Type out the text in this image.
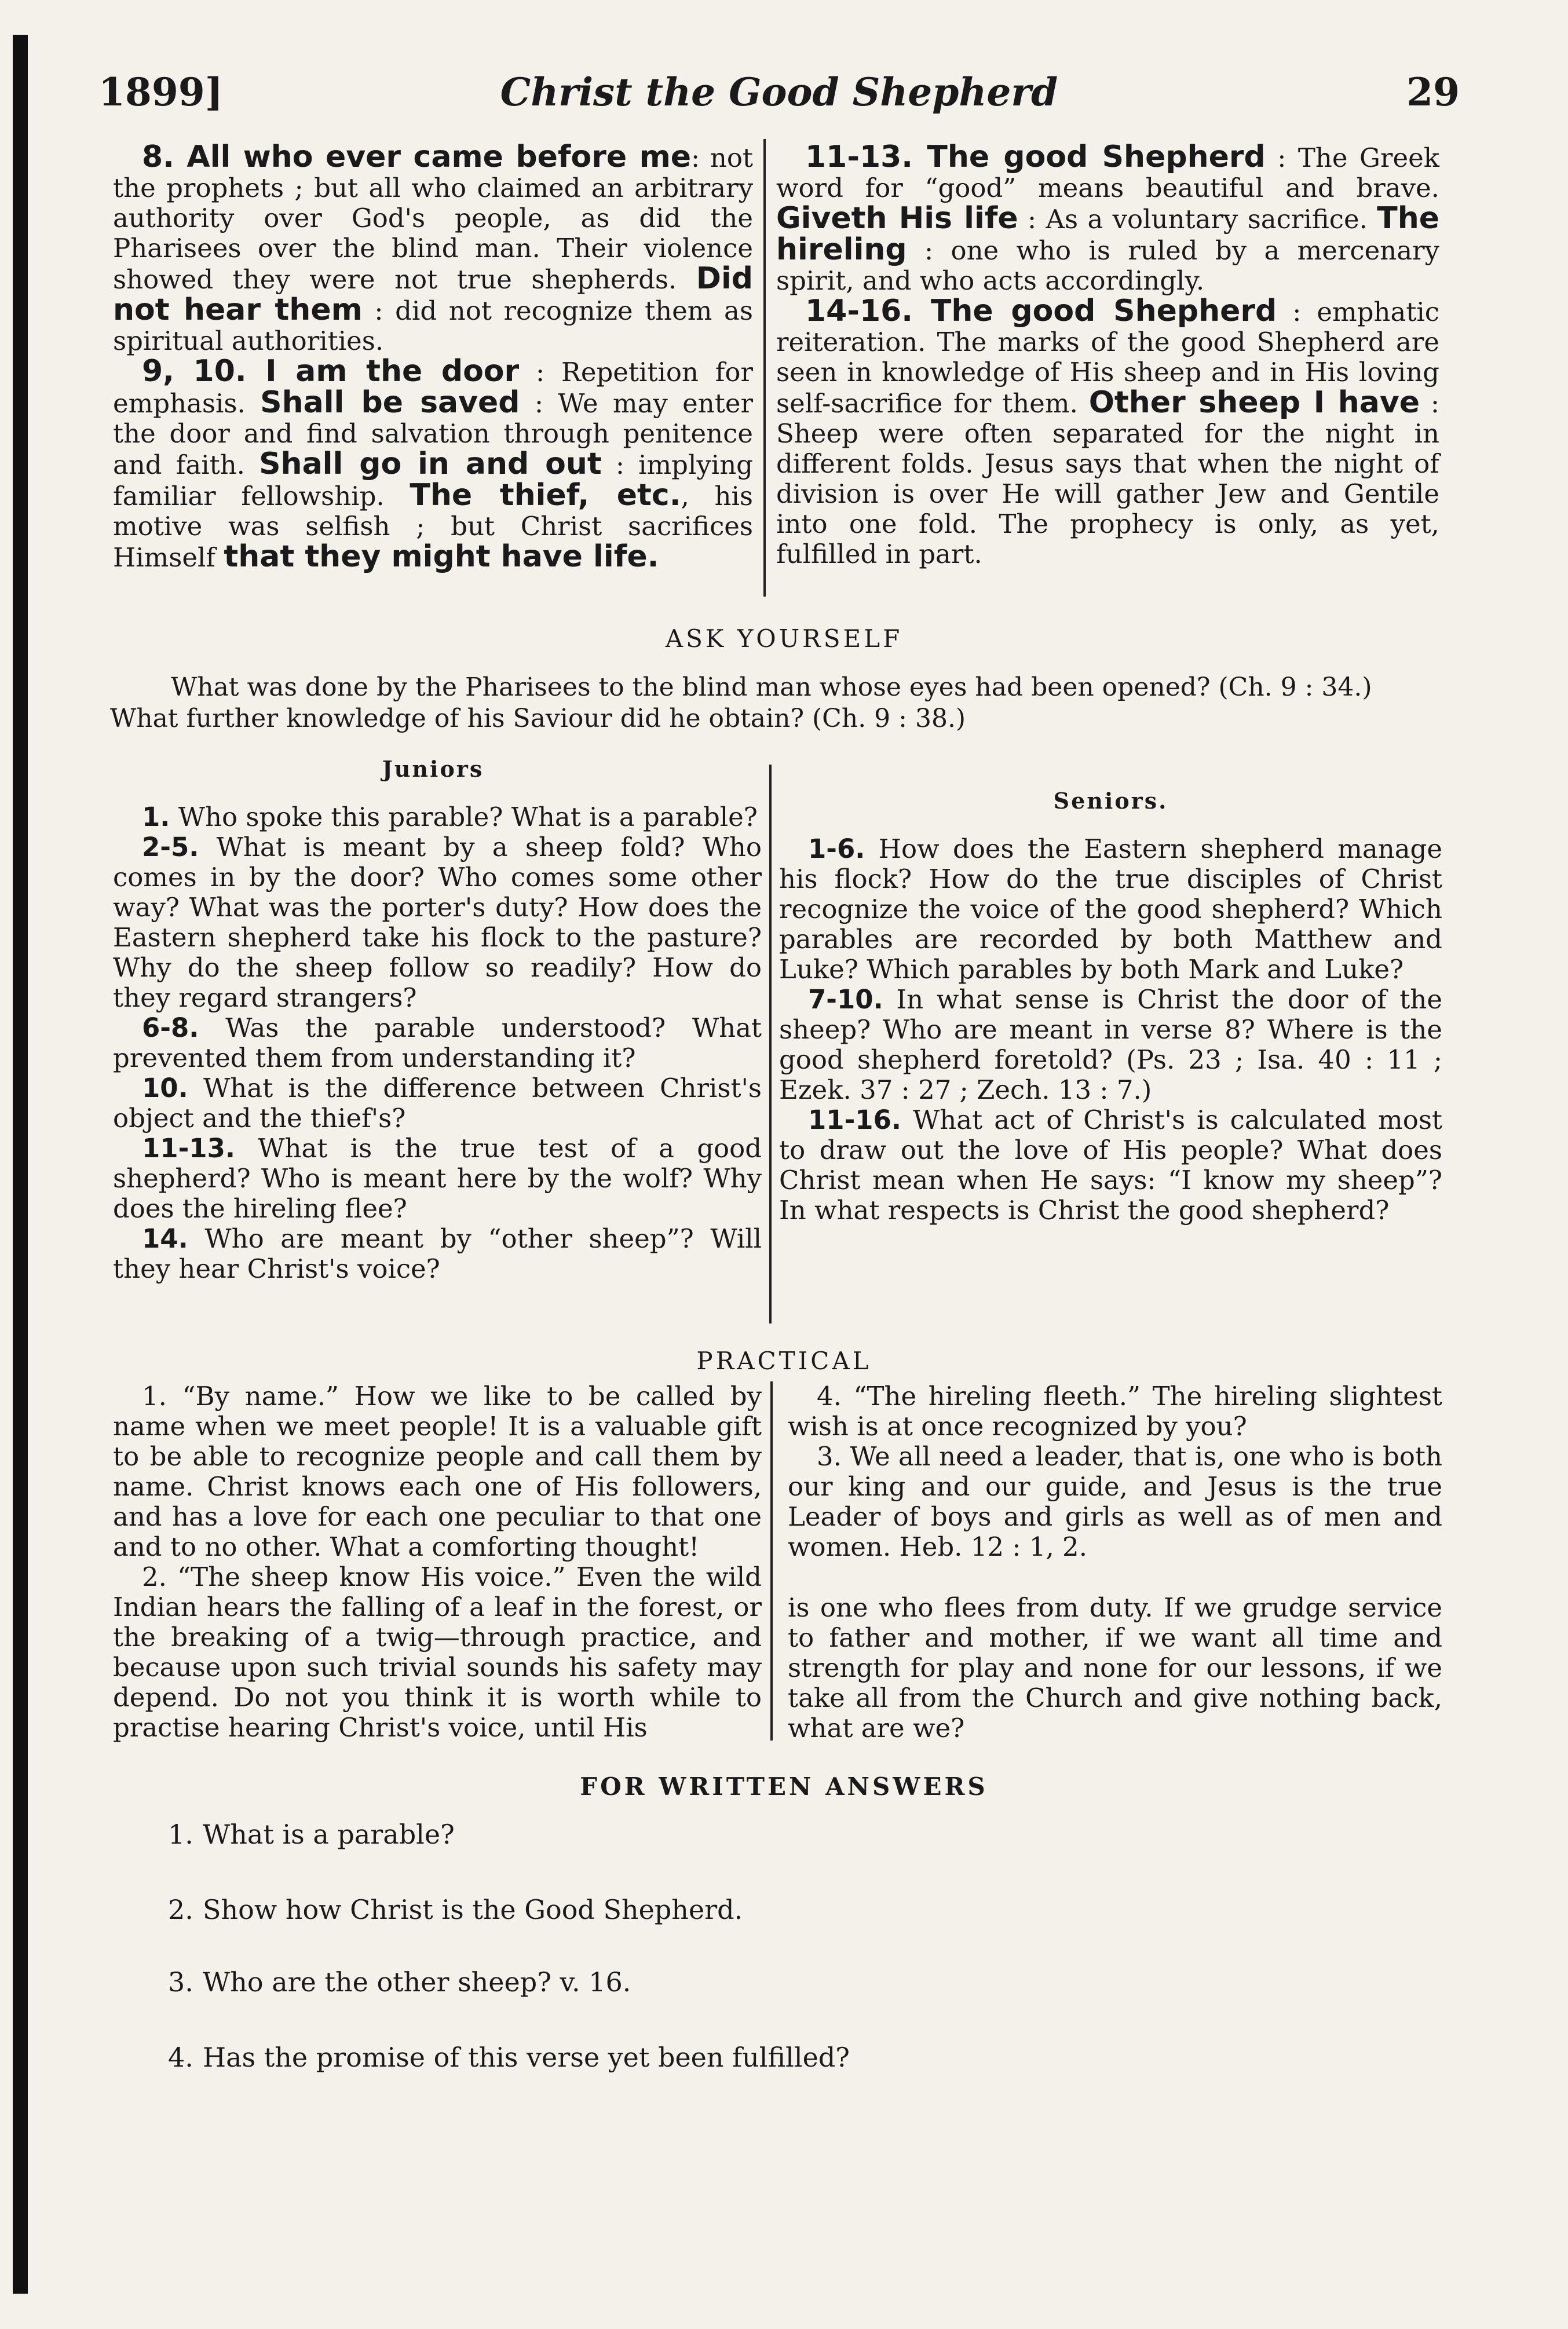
1899]	Christ the Good Shepherd	29

8. All who ever came before me: not the prophets ; but all who claimed an arbitrary authority over God's people, as did the Pharisees over the blind man. Their violence showed they were not true shepherds. Did not hear them : did not recognize them as spiritual authorities.

9, 10. I am the door : Repetition for emphasis. Shall be saved : We may enter the door and find salvation through penitence and faith. Shall go in and out : implying familiar fellowship. The thief, etc., his motive was selfish ; but Christ sacrifices Himself that they might have life.

11-13. The good Shepherd : The Greek word for “good” means beautiful and brave. Giveth His life : As a voluntary sacrifice. The hireling : one who is ruled by a mercenary spirit, and who acts accordingly.

14-16. The good Shepherd : emphatic reiteration. The marks of the good Shepherd are seen in knowledge of His sheep and in His loving self-sacrifice for them. Other sheep I have : Sheep were often separated for the night in different folds. Jesus says that when the night of division is over He will gather Jew and Gentile into one fold. The prophecy is only, as yet, fulfilled in part.

ASK YOURSELF

What was done by the Pharisees to the blind man whose eyes had been opened? (Ch. 9 : 34.)

What further knowledge of his Saviour did he obtain? (Ch. 9 : 38.)

Juniors

1. Who spoke this parable? What is a parable?

2-5. What is meant by a sheep fold? Who comes in by the door? Who comes some other way? What was the porter's duty? How does the Eastern shepherd take his flock to the pasture? Why do the sheep follow so readily? How do they regard strangers?

6-8. Was the parable understood? What prevented them from understanding it?

10. What is the difference between Christ's object and the thief's?

11-13. What is the true test of a good shepherd? Who is meant here by the wolf? Why does the hireling flee?

14. Who are meant by “other sheep”? Will they hear Christ's voice?

Seniors.

1-6. How does the Eastern shepherd manage his flock? How do the true disciples of Christ recognize the voice of the good shepherd? Which parables are recorded by both Matthew and Luke? Which parables by both Mark and Luke?

7-10. In what sense is Christ the door of the sheep? Who are meant in verse 8? Where is the good shepherd foretold? (Ps. 23 ; Isa. 40 : 11 ; Ezek. 37 : 27 ; Zech. 13 : 7.)

11-16. What act of Christ's is calculated most to draw out the love of His people? What does Christ mean when He says: “I know my sheep”? In what respects is Christ the good shepherd?

PRACTICAL

1. “By name.” How we like to be called by name when we meet people! It is a valuable gift to be able to recognize people and call them by name. Christ knows each one of His followers, and has a love for each one peculiar to that one and to no other. What a comforting thought!

2. “The sheep know His voice.” Even the wild Indian hears the falling of a leaf in the forest, or the breaking of a twig—through practice, and because upon such trivial sounds his safety may depend. Do not you think it is worth while to practise hearing Christ's voice, until His

4. “The hireling fleeth.” The hireling slightest wish is at once recognized by you?

3. We all need a leader, that is, one who is both our king and our guide, and Jesus is the true Leader of boys and girls as well as of men and women. Heb. 12 : 1, 2.

is one who flees from duty. If we grudge service to father and mother, if we want all time and strength for play and none for our lessons, if we take all from the Church and give nothing back, what are we?

FOR WRITTEN ANSWERS
1. What is a parable?
2. Show how Christ is the Good Shepherd.
3. Who are the other sheep? v. 16.
4. Has the promise of this verse yet been fulfilled?
